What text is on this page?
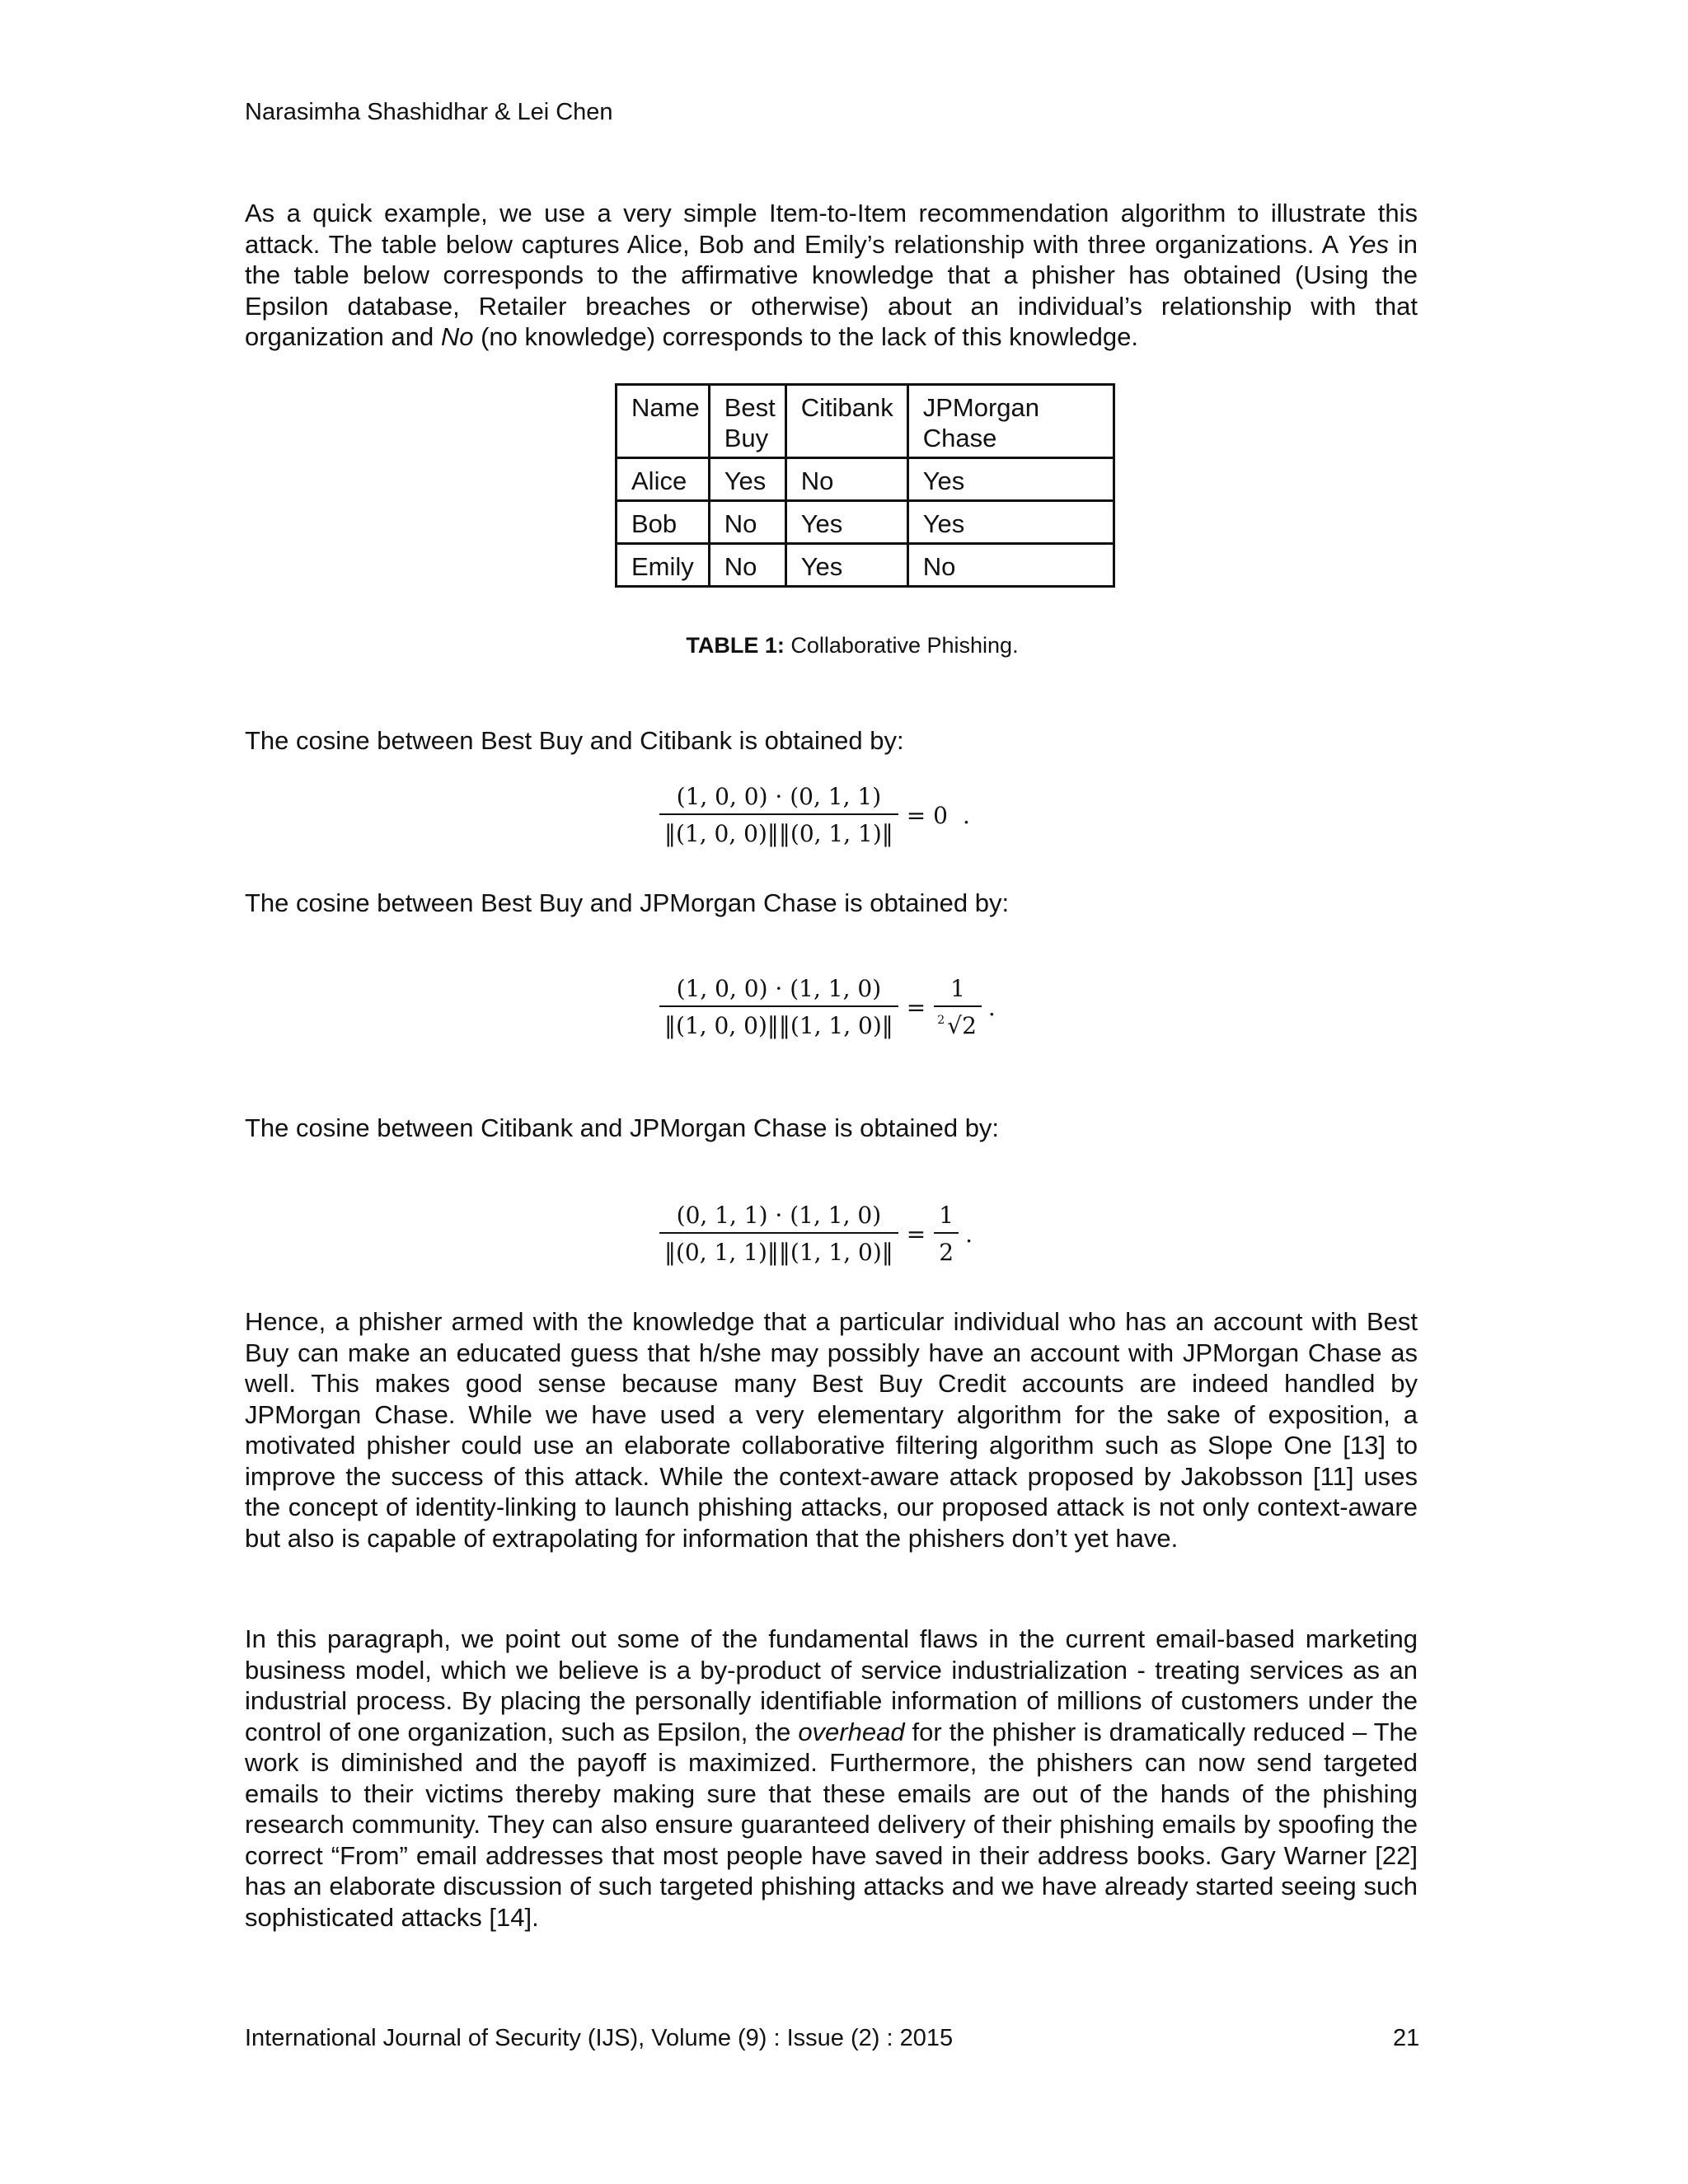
Narasimha Shashidhar & Lei Chen

As a quick example, we use a very simple Item-to-Item recommendation algorithm to illustrate this attack. The table below captures Alice, Bob and Emily’s relationship with three organizations. A Yes in the table below corresponds to the affirmative knowledge that a phisher has obtained (Using the Epsilon database, Retailer breaches or otherwise) about an individual’s relationship with that organization and No (no knowledge) corresponds to the lack of this knowledge.

Name	Best Buy	Citibank	JPMorgan Chase
Alice	Yes	No	Yes
Bob	No	Yes	Yes
Emily	No	Yes	No
TABLE 1: Collaborative Phishing.
The cosine between Best Buy and Citibank is obtained by:
$\frac{(1, 0, 0) \cdot (0, 1, 1)}{‖(1, 0, 0)‖‖(0, 1, 1)‖} = 0$ .
The cosine between Best Buy and JPMorgan Chase is obtained by:
$\frac{(1, 0, 0) \cdot (1, 1, 0)}{‖(1, 0, 0)‖‖(1, 1, 0)‖} = \frac{1}{2 √2}$ .
The cosine between Citibank and JPMorgan Chase is obtained by:
$\frac{(0, 1, 1) \cdot (1, 1, 0)}{‖(0, 1, 1)‖‖(1, 1, 0)‖} = \frac{1}{2}$ .

Hence, a phisher armed with the knowledge that a particular individual who has an account with Best Buy can make an educated guess that h/she may possibly have an account with JPMorgan Chase as well. This makes good sense because many Best Buy Credit accounts are indeed handled by JPMorgan Chase. While we have used a very elementary algorithm for the sake of exposition, a motivated phisher could use an elaborate collaborative filtering algorithm such as Slope One [13] to improve the success of this attack. While the context-aware attack proposed by Jakobsson [11] uses the concept of identity-linking to launch phishing attacks, our proposed attack is not only context-aware but also is capable of extrapolating for information that the phishers don’t yet have.

In this paragraph, we point out some of the fundamental flaws in the current email-based marketing business model, which we believe is a by-product of service industrialization - treating services as an industrial process. By placing the personally identifiable information of millions of customers under the control of one organization, such as Epsilon, the overhead for the phisher is dramatically reduced – The work is diminished and the payoff is maximized. Furthermore, the phishers can now send targeted emails to their victims thereby making sure that these emails are out of the hands of the phishing research community. They can also ensure guaranteed delivery of their phishing emails by spoofing the correct “From” email addresses that most people have saved in their address books. Gary Warner [22] has an elaborate discussion of such targeted phishing attacks and we have already started seeing such sophisticated attacks [14].

International Journal of Security (IJS), Volume (9) : Issue (2) : 2015	21
